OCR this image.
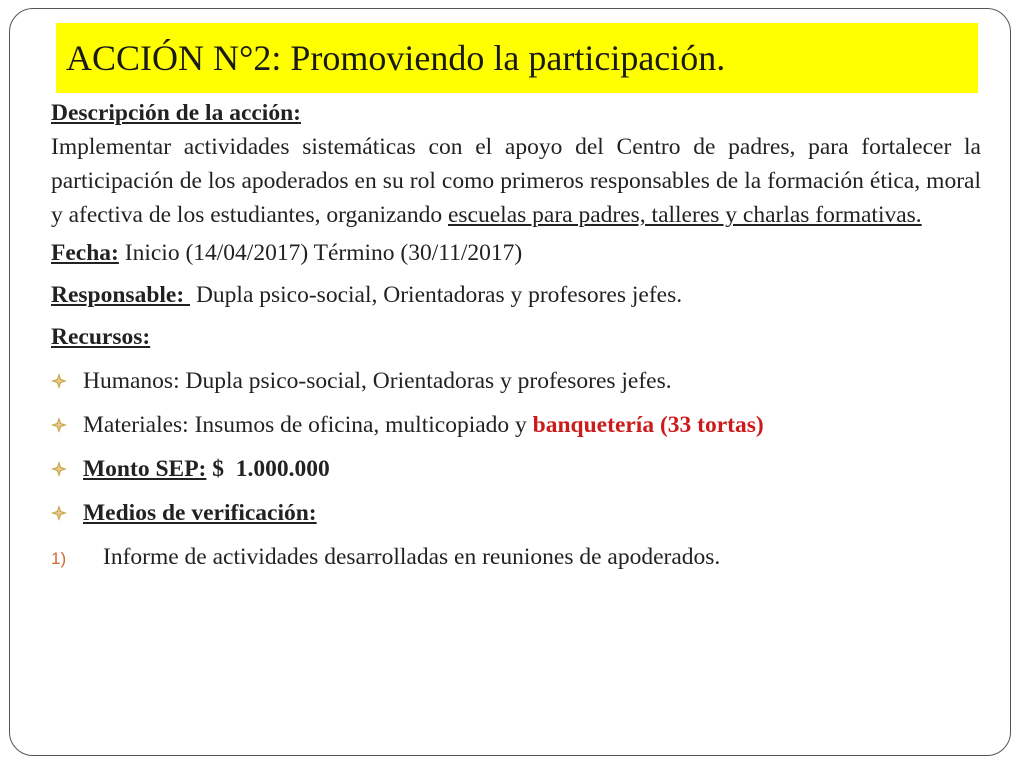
ACCIÓN N°2: Promoviendo la participación.
Descripción de la acción:

Implementar actividades sistemáticas con el apoyo del Centro de padres, para fortalecer la participación de los apoderados en su rol como primeros responsables de la formación ética, moral y afectiva de los estudiantes, organizando escuelas para padres, talleres y charlas formativas.

Fecha: Inicio (14/04/2017) Término (30/11/2017)
Responsable:  Dupla psico-social, Orientadoras y profesores jefes.
Recursos:
Humanos: Dupla psico-social, Orientadoras y profesores jefes.
Materiales: Insumos de oficina, multicopiado y banquetería (33 tortas)
Monto SEP: $  1.000.000
Medios de verificación:
1) Informe de actividades desarrolladas en reuniones de apoderados.
